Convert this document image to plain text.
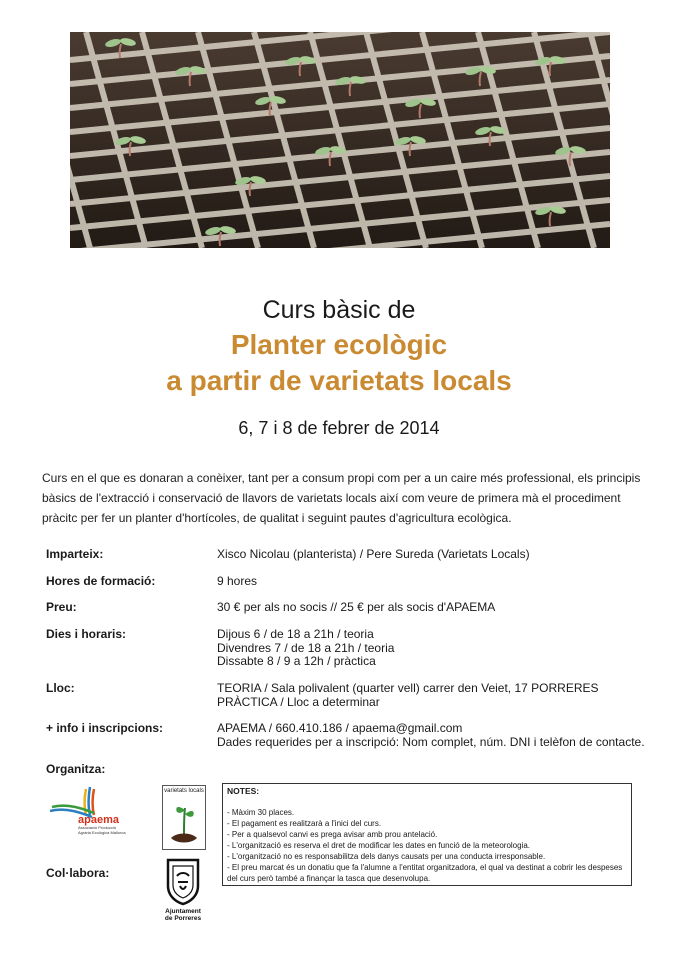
Curs bàsic de
Planter ecològic
a partir de varietats locals
6, 7 i 8 de febrer de 2014
Curs en el que es donaran a conèixer, tant per a consum propi com per a un caire més professional, els principis bàsics de l'extracció i conservació de llavors de varietats locals així com veure de primera mà el procediment pràcitc per fer un planter d'hortícoles, de qualitat i seguint pautes d'agricultura ecològica.
Imparteix:	Xisco Nicolau (planterista) / Pere Sureda (Varietats Locals)
Hores de formació:	9 hores
Preu:	30 € per als no socis // 25 € per als socis d'APAEMA
Dies i horaris:	Dijous 6 / de 18 a 21h / teoria
Divendres 7 / de 18 a 21h / teoria
Dissabte 8 / 9 a 12h / pràctica
Lloc:	TEORIA / Sala polivalent (quarter vell) carrer den Veiet, 17 PORRERES
PRÀCTICA / Lloc a determinar
+ info i inscripcions:	APAEMA / 660.410.186 / apaema@gmail.com
Dades requerides per a inscripció: Nom complet, núm. DNI i telèfon de contacte.
Organitza:
Col·labora:
apaema
Associació Producció
Agrària Ecològica Mallorca
varietats locals
Ajuntament
de Porreres
NOTES:
- Màxim 30 places.
- El pagament es realitzarà a l'inici del curs.
- Per a qualsevol canvi es prega avisar amb prou antelació.
- L'organització es reserva el dret de modificar les dates en funció de la meteorologia.
- L'organització no es responsabilitza dels danys causats per una conducta irresponsable.
- El preu marcat és un donatiu que fa l'alumne a l'entitat organitzadora, el qual va destinat a cobrir les despeses del curs però també a finançar la tasca que desenvolupa.
